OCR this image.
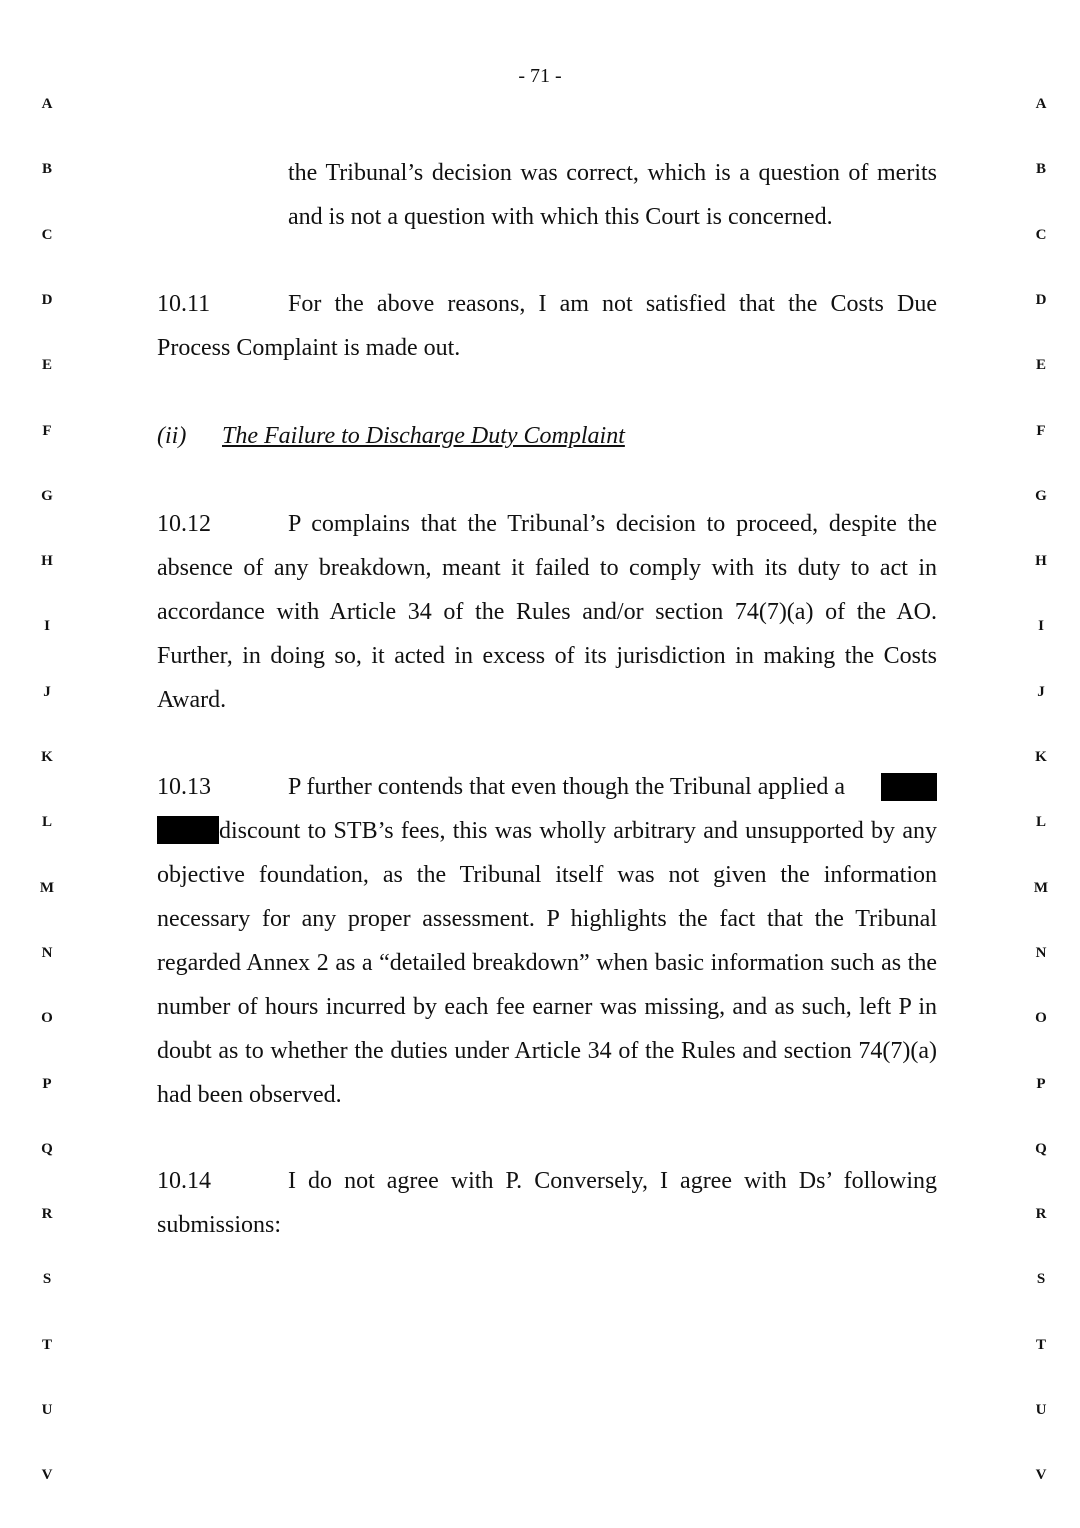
- 71 -
A
B
C
D
E
F
G
H
I
J
K
L
M
N
O
P
Q
R
S
T
U
V
A
B
C
D
E
F
G
H
I
J
K
L
M
N
O
P
Q
R
S
T
U
V
the Tribunal’s decision was correct, which is a question of merits and is not a question with which this Court is concerned.

10.11	For the above reasons, I am not satisfied that the Costs Due Process Complaint is made out.

(ii) The Failure to Discharge Duty Complaint

10.12	P complains that the Tribunal’s decision to proceed, despite the absence of any breakdown, meant it failed to comply with its duty to act in accordance with Article 34 of the Rules and/or section 74(7)(a) of the AO. Further, in doing so, it acted in excess of its jurisdiction in making the Costs Award.

10.13	P further contends that even though the Tribunal applied a

discount to STB’s fees, this was wholly arbitrary and unsupported by any objective foundation, as the Tribunal itself was not given the information necessary for any proper assessment. P highlights the fact that the Tribunal regarded Annex 2 as a “detailed breakdown” when basic information such as the number of hours incurred by each fee earner was missing, and as such, left P in doubt as to whether the duties under Article 34 of the Rules and section 74(7)(a) had been observed.

10.14	I do not agree with P. Conversely, I agree with Ds’ following submissions:
